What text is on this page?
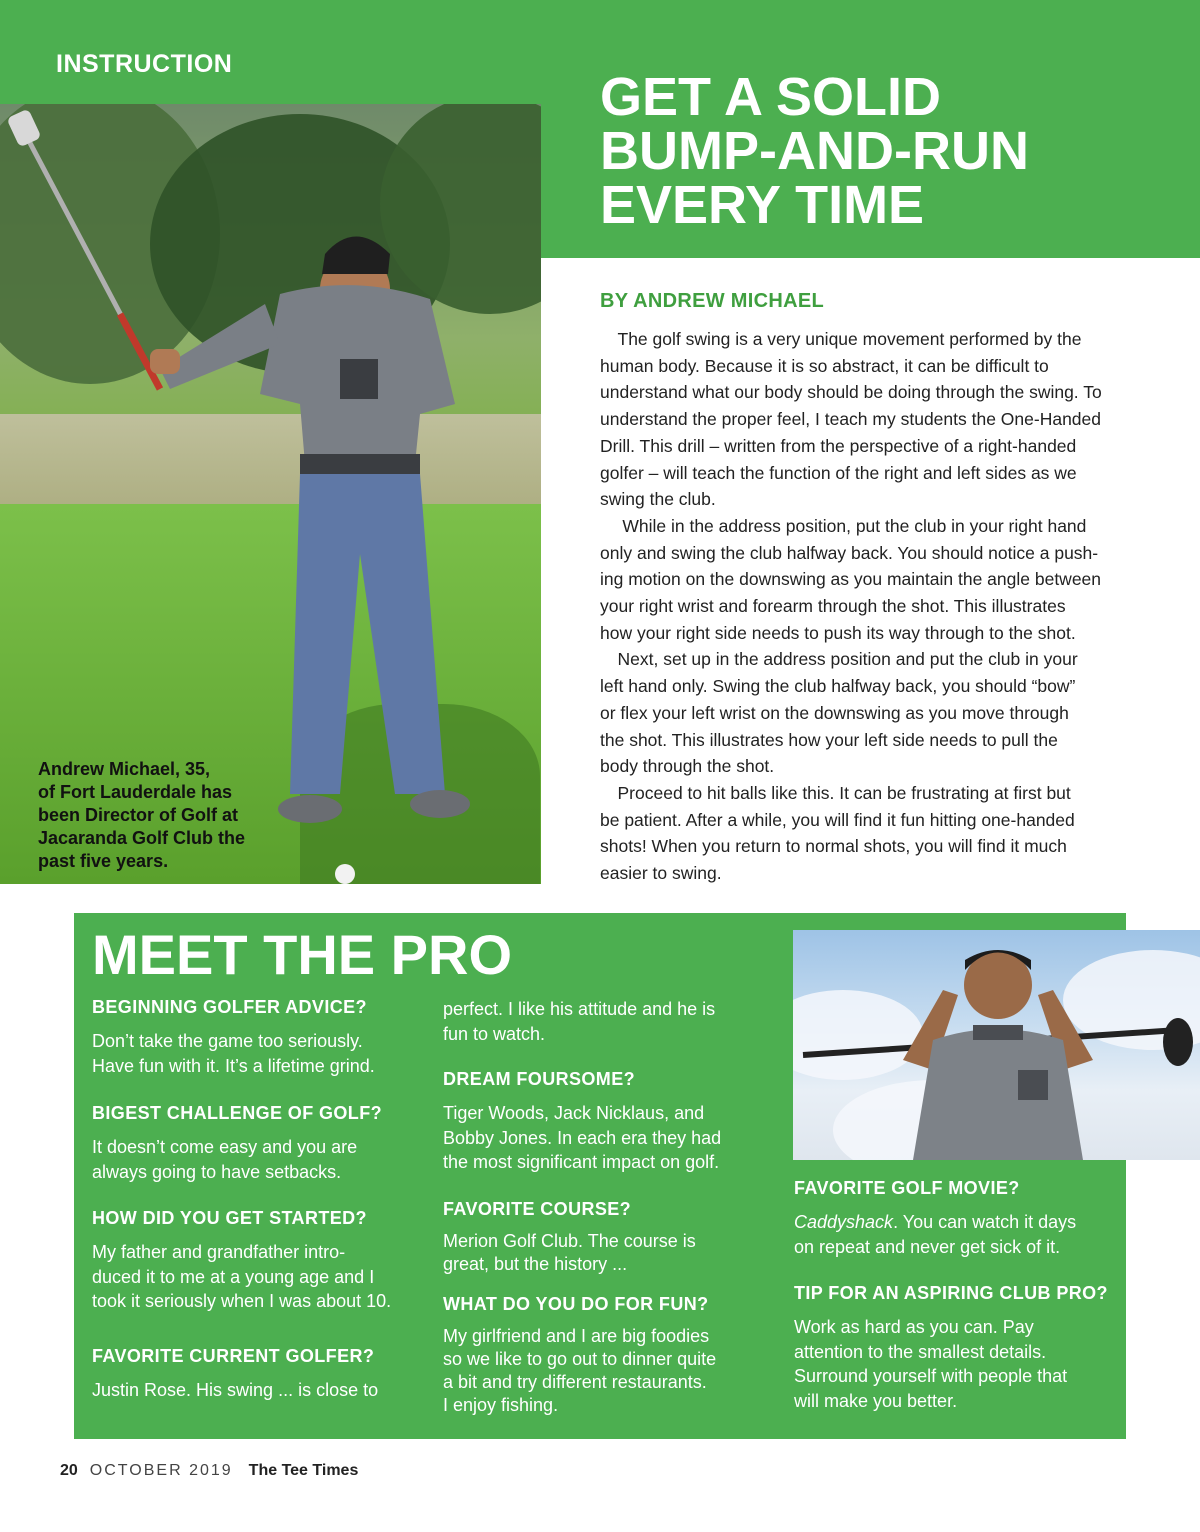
INSTRUCTION
GET A SOLID
BUMP-AND-RUN
EVERY TIME
Andrew Michael, 35,
of Fort Lauderdale has
been Director of Golf at
Jacaranda Golf Club the
past five years.
BY ANDREW MICHAEL
 The golf swing is a very unique movement performed by the
human body. Because it is so abstract, it can be difficult to
understand what our body should be doing through the swing. To
understand the proper feel, I teach my students the One-Handed
Drill. This drill – written from the perspective of a right-handed
golfer – will teach the function of the right and left sides as we
swing the club.
  While in the address position, put the club in your right hand
only and swing the club halfway back. You should notice a push-
ing motion on the downswing as you maintain the angle between
your right wrist and forearm through the shot. This illustrates
how your right side needs to push its way through to the shot.
 Next, set up in the address position and put the club in your
left hand only. Swing the club halfway back, you should “bow”
or flex your left wrist on the downswing as you move through
the shot. This illustrates how your left side needs to pull the
body through the shot.
 Proceed to hit balls like this. It can be frustrating at first but
be patient. After a while, you will find it fun hitting one-handed
shots! When you return to normal shots, you will find it much
easier to swing.
MEET THE PRO
BEGINNING GOLFER ADVICE?
Don’t take the game too seriously.
Have fun with it. It’s a lifetime grind.
BIGEST CHALLENGE OF GOLF?
It doesn’t come easy and you are
always going to have setbacks.
HOW DID YOU GET STARTED?
My father and grandfather intro-
duced it to me at a young age and I
took it seriously when I was about 10.
FAVORITE CURRENT GOLFER?
Justin Rose. His swing ... is close to
perfect. I like his attitude and he is
fun to watch.
DREAM FOURSOME?
Tiger Woods, Jack Nicklaus, and
Bobby Jones. In each era they had
the most significant impact on golf.
FAVORITE COURSE?
Merion Golf Club. The course is
great, but the history ...
WHAT DO YOU DO FOR FUN?
My girlfriend and I are big foodies
so we like to go out to dinner quite
a bit and try different restaurants.
I enjoy fishing.
FAVORITE GOLF MOVIE?
Caddyshack. You can watch it days
on repeat and never get sick of it.
TIP FOR AN ASPIRING CLUB PRO?
Work as hard as you can. Pay
attention to the smallest details.
Surround yourself with people that
will make you better.
20 OCTOBER 2019 The Tee Times
